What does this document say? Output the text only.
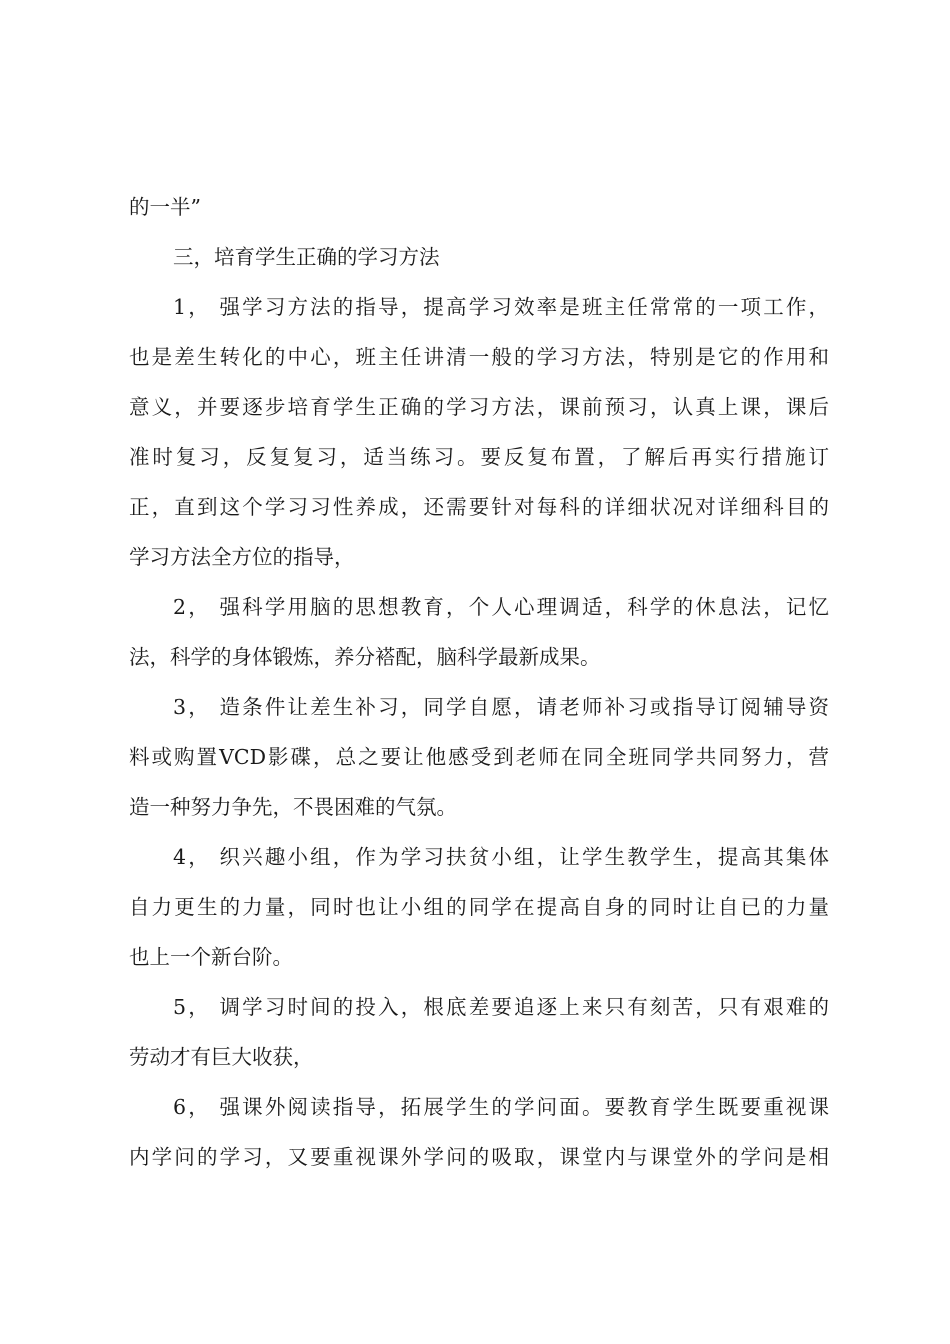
的一半”
三，培育学生正确的学习方法
1， 强学习方法的指导，提高学习效率是班主任常常的一项工作，
也是差生转化的中心，班主任讲清一般的学习方法，特别是它的作用和
意义，并要逐步培育学生正确的学习方法，课前预习，认真上课，课后
准时复习，反复复习，适当练习。要反复布置，了解后再实行措施订
正，直到这个学习习性养成，还需要针对每科的详细状况对详细科目的
学习方法全方位的指导，
2， 强科学用脑的思想教育，个人心理调适，科学的休息法，记忆
法，科学的身体锻炼，养分褡配，脑科学最新成果。
3， 造条件让差生补习，同学自愿，请老师补习或指导订阅辅导资
料或购置VCD影碟，总之要让他感受到老师在同全班同学共同努力，营
造一种努力争先，不畏困难的气氛。
4， 织兴趣小组，作为学习扶贫小组，让学生教学生，提高其集体
自力更生的力量，同时也让小组的同学在提高自身的同时让自已的力量
也上一个新台阶。
5， 调学习时间的投入，根底差要追逐上来只有刻苦，只有艰难的
劳动才有巨大收获，
6， 强课外阅读指导，拓展学生的学问面。要教育学生既要重视课
内学问的学习，又要重视课外学问的吸取，课堂内与课堂外的学问是相
